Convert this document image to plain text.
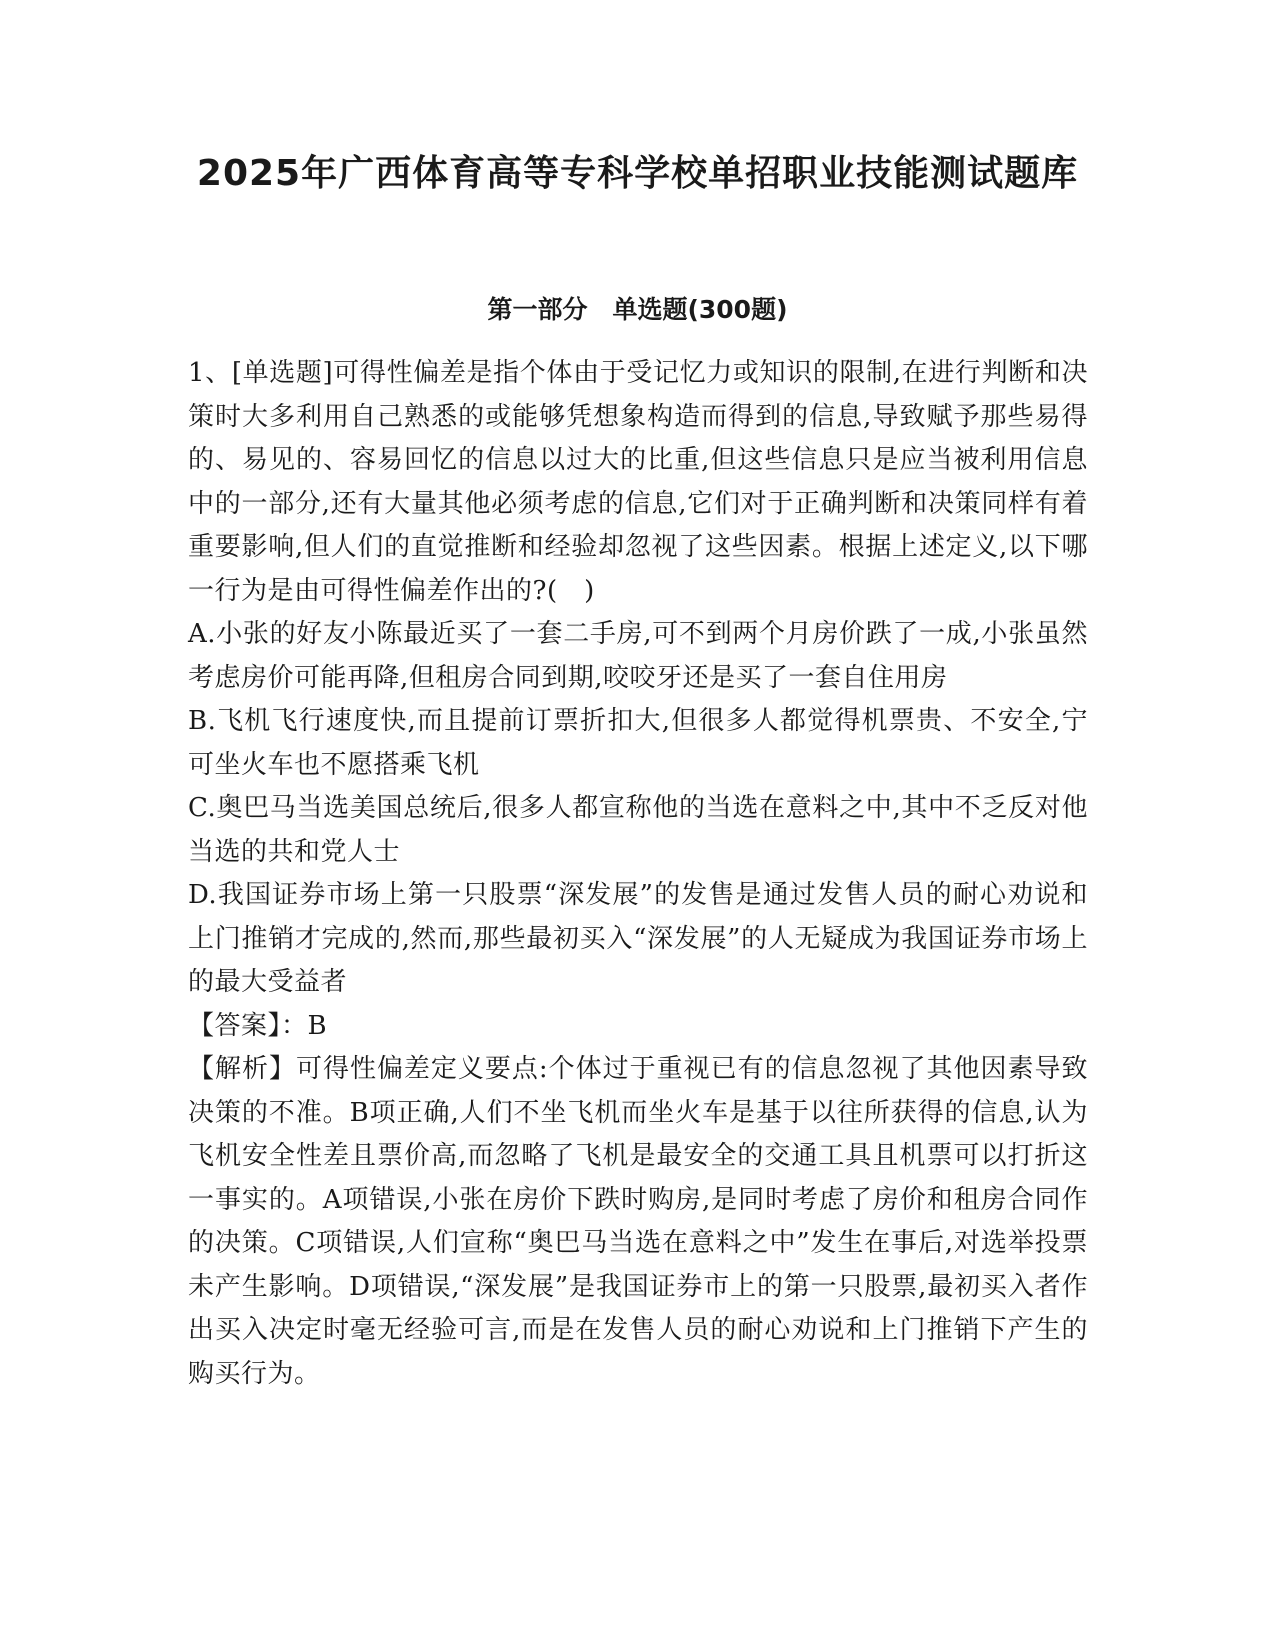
2025年广西体育高等专科学校单招职业技能测试题库
第一部分　单选题(300题)

1、[单选题]可得性偏差是指个体由于受记忆力或知识的限制,在进行判断和决策时大多利用自己熟悉的或能够凭想象构造而得到的信息,导致赋予那些易得的、易见的、容易回忆的信息以过大的比重,但这些信息只是应当被利用信息中的一部分,还有大量其他必须考虑的信息,它们对于正确判断和决策同样有着重要影响,但人们的直觉推断和经验却忽视了这些因素。根据上述定义,以下哪一行为是由可得性偏差作出的?(　)

A.小张的好友小陈最近买了一套二手房,可不到两个月房价跌了一成,小张虽然考虑房价可能再降,但租房合同到期,咬咬牙还是买了一套自住用房

B.飞机飞行速度快,而且提前订票折扣大,但很多人都觉得机票贵、不安全,宁可坐火车也不愿搭乘飞机

C.奥巴马当选美国总统后,很多人都宣称他的当选在意料之中,其中不乏反对他当选的共和党人士

D.我国证券市场上第一只股票“深发展”的发售是通过发售人员的耐心劝说和上门推销才完成的,然而,那些最初买入“深发展”的人无疑成为我国证券市场上的最大受益者

【答案】：B

【解析】可得性偏差定义要点:个体过于重视已有的信息忽视了其他因素导致决策的不准。B项正确,人们不坐飞机而坐火车是基于以往所获得的信息,认为飞机安全性差且票价高,而忽略了飞机是最安全的交通工具且机票可以打折这一事实的。A项错误,小张在房价下跌时购房,是同时考虑了房价和租房合同作的决策。C项错误,人们宣称“奥巴马当选在意料之中”发生在事后,对选举投票未产生影响。D项错误,“深发展”是我国证券市上的第一只股票,最初买入者作出买入决定时毫无经验可言,而是在发售人员的耐心劝说和上门推销下产生的购买行为。
